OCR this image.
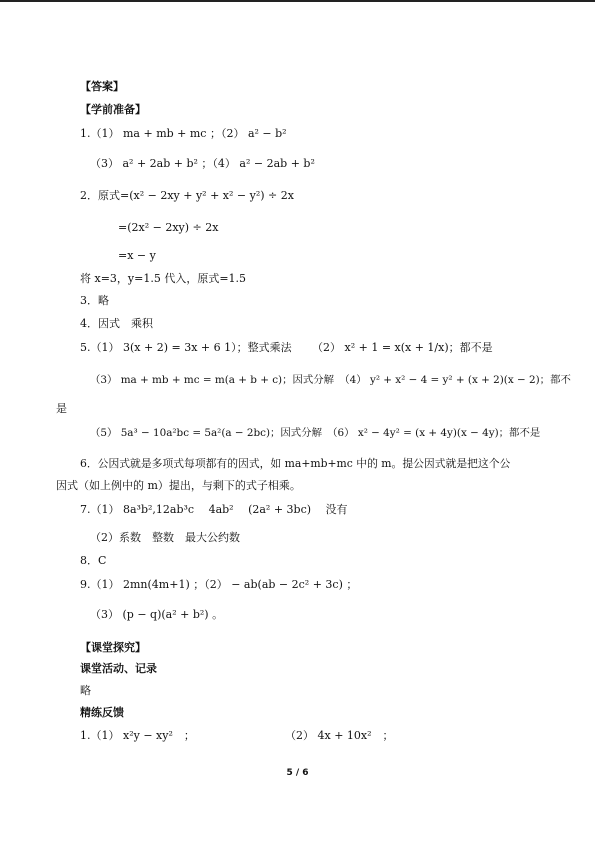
【答案】
【学前准备】
1.（1） ma + mb + mc ；（2） a² − b²
（3） a² + 2ab + b² ；（4） a² − 2ab + b²
2．原式=(x² − 2xy + y² + x² − y²) ÷ 2x
=(2x² − 2xy) ÷ 2x
=x − y
将 x=3，y=1.5 代入，原式=1.5
3．略
4．因式　乘积
5.（1） 3(x + 2) = 3x + 6 1）；整式乘法 （2） x² + 1 = x(x + 1/x)；都不是
（3） ma + mb + mc = m(a + b + c)；因式分解　（4） y² + x² − 4 = y² + (x + 2)(x − 2)；都不
是
（5） 5a³ − 10a²bc = 5a²(a − 2bc)；因式分解　（6） x² − 4y² = (x + 4y)(x − 4y)；都不是
6．公因式就是多项式每项都有的因式，如 ma+mb+mc 中的 m。提公因式就是把这个公
因式（如上例中的 m）提出，与剩下的式子相乘。
7.（1） 8a³b²,12ab³c　 4ab²　 (2a² + 3bc)　 没有
（2）系数　整数　最大公约数
8．C
9.（1） 2mn(4m+1) ；（2） − ab(ab − 2c² + 3c) ；
（3） (p − q)(a² + b²) 。
【课堂探究】
课堂活动、记录
略
精练反馈
1.（1） x²y − xy²　；	（2） 4x + 10x²　；
5 / 6
